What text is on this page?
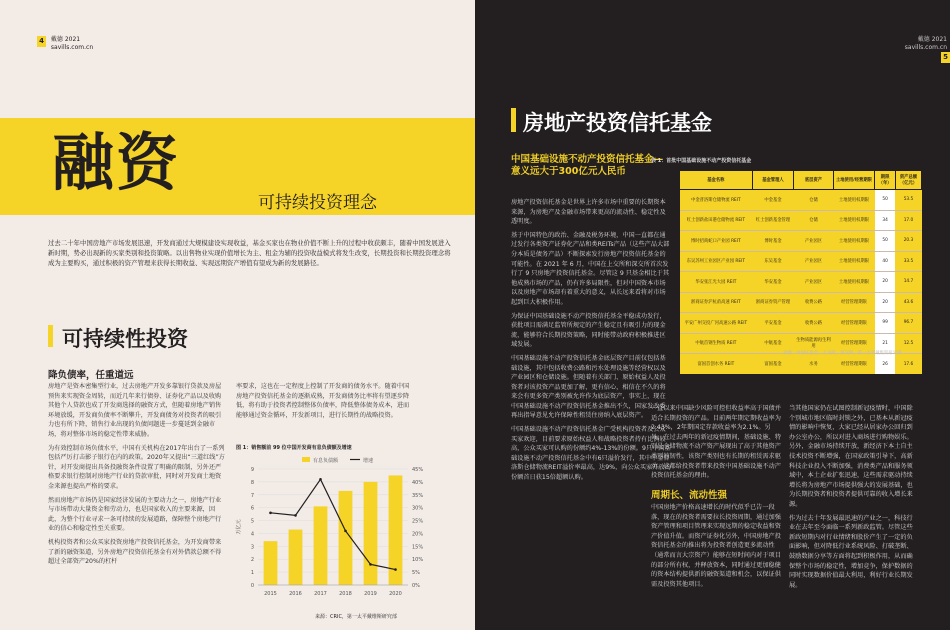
4 戴德 2021
savills.com.cn
融资
可持续投资理念
过去二十年中国房地产市场发展迅速，开发商通过大规模建设实现收益，基金买家也在物业价值不断上升的过程中收获颇丰，随着中国发展进入新时期，势必出现新的买家类别和投资策略。以出售物业实现价值增长为主、租金为辅的投资收益模式将发生改变，长期投资和长期投资理念将成为主要购买，通过积极的资产管理来获得长期收益、实现远期资产增值有望成为新的发展路径。
可持续性投资
降负债率，任重道远

房地产是资本密集型行业，过去房地产开发多靠银行贷款及房屋预售来实现资金周转，而近几年来行债券、证券化产品以及收购其他个人贷款也成了开发商选择的融资方式，但随着房地产销售环境放缓，开发商负债率不断攀升，开发商债务对投资者的吸引力也有所下降，销售行业出现的负债问题进一步蔓延到金融市场，将对整体市场的稳定性带来威胁。

为有效控制市场负债水平，中国有关机构在2017年出台了一系列包括严厉打击影子银行在内的政策。2020年又提出“三道红线”方针，对开发商提出具备投融资条件设置了明确的限制，另外还严格要求银行控制对房地产行业的贷款审批，同时对开发商土地资金来源也提出严格的要求。

然而房地产市场仍是国家经济发展的主要动力之一，房地产行业与市场带动大量资金和劳动力，也是国家收入的主要来源，因此，为整个行业寻求一条可持续的发展道路，保障整个房地产行业的信心和稳定性至关重要。

机构投资者和公众买家投资房地产投资信托基金，为开发商带来了新的融资渠道，另外房地产投资信托基金有对外借款总额不得超过全部资产20%的杠杆

率要求，这也在一定程度上控制了开发商的债务水平。随着中国房地产投资信托基金的逐渐成熟，开发商债务比率将有望逐步降低，将有助于投资者控制整体负债率，降低整体债务成本，进而能够通过资金循环，开发新项目，进行长期性的战略投资。

图 1：销售额前 99 位中国开发商有息负债额及增速
0
1
2
3
4
5
6
7
8
9
0%
5%
10%
15%
20%
25%
30%
35%
40%
45%
万亿元
2015 2016 2017 2018 2019 2020
有息负债额	增速
来源：CRIC，第一太平戴维斯研究部
戴德 2021
savills.com.cn 5
房地产投资信托基金
中国基础设施不动产投资信托基金—意义远大于300亿元人民币

房地产投资信托基金是世界上许多市场中重要的长期资本来源，为房地产及金融市场带来更高的流动性、稳定性及透明度。

基于中国特色的政治、金融及税务环境，中国一直都在通过发行各类资产证券化产品和类REITs产品（这些产品大部分本质是债务产品）不断探索发行房地产投资信托基金的可能性。在 2021 年 6 月，中国在上交所和深交所首次发行了 9 只房地产投资信托基金。尽管这 9 只基金相比于其他成熟市场的产品，仍有许多局限性，但对中国资本市场以及房地产市场却有着重大的意义，从长远来看将对市场起到巨大积极作用。

为保证中国基础设施不动产投资信托基金平稳成功发行，获批项目需满足监管所规定的产生稳定且有吸引力的现金流，能够符合长期投资策略，同时能带动政府积极推进区域发展。

中国基础设施不动产投资信托基金底层资产目前仅包括基础设施，其中包括收费公路和污水处理设施等经营权以及产业园区和仓储设施。但随着有关部门、原始权益人及投资者对该投资产品更加了解，更有信心，相信在不久的将来会有更多资产类别被允许作为底层资产，事实上，现在中国基础设施不动产投资信托基金推出不久，国家发改委再出指导意见允许保障性租赁住房纳入底层资产。

中国基础设施不动产投资信托基金广受机构投资者及公众买家欢迎，目前要求原始权益人和战略投资者持有比例较高，公众买家可认购的份额约4%-13%的份额。9只中国基础设施不动产投资信托基金中有6只溢价发行，其中中金普洛斯仓储物流REIT溢价率最高，达9%，向公众买家开放的份额首日获15倍超额认购。

表 1：首批中国基础设施不动产投资信托基金
基金名称	基金管理人	底层资产	土地使用/经营期限	期限（年）	资产总额（亿元）
中金普洛斯仓储物流 REIT	中金基金	仓储	土地使用权期限	50	53.5
红土创新盐田港仓储物流 REIT	红土创新基金管理	仓储	土地使用权期限	34	17.0
博时招商蛇口产业园 REIT	博时基金	产业园区	土地使用权期限	50	20.3
东吴苏州工业园区产业园 REIT	东吴基金	产业园区	土地使用权期限	40	33.5
华安张江光大园 REIT	华安基金	产业园区	土地使用权期限	20	14.7
浙商证券沪杭甬高速 REIT	浙商证券资产管理	收费公路	经营管理期限	20	43.6
平安广州交投广河高速公路 REIT	平安基金	收费公路	经营管理期限	99	96.7
中航首钢生物质 REIT	中航基金	生物质能源再生利用	经营管理期限	21	12.5
富国首创水务 REIT	富国基金	水务	经营管理期限	26	17.6
来源：中国证监会，上交所，深交所，第一太平戴维斯研究部

一直以来中国缺少风险可控但收益率高于国债并适合长期投资的产品。目前两年期定期收益率为2.43%，2年期国定存款收益率为2.1%。另外，在过去两年的新冠疫情期间，基础设施、特别是仓储物流不动产资产展现出了高于其他资产类别的韧性，该资产类别也有长期的租赁需求驱动。这都给投资者带来投资中国基础设施不动产投资信托基金的理由。

周期长、流动性强

中国房地产价格高速增长的时代似乎已告一段落，现在的投资者需要拉长投资周期，通过加强资产管理和项目管理来实现远期的稳定收益和资产价值升值。而资产证券化另外，中国房地产投资信托基金的推出将为投资者创造更多流动性（通常而言大宗资产）能够在短时间内对于项目的部分所有权，并释放资本，同时通过更加稳健的资本结构提供新的融资渠道和机会，以保证供需及投资其他项目。

当其他国家仍在试图控制新冠疫情时，中国除个别城市地区临时封锁之外，已基本从新冠疫情的影响中恢复，大家已经从居家办公回归到办公室办公，所以对进入商场进行购物娱乐。另外，金融市场持续开放，新经济下本土自主技术投资不断增强，在国家政策引导下，高新科技企业投入不断加强，消费类产品和服务领域中，本土企业扩张迅速，这些需求驱动持续增长将为房地产市场提供强大的发展基础，也为长期投资者和投资者提供可靠的收入增长来源。

作为过去十年发展最迅速的产业之一，科技行业在去年至今面临一系列新政监管。尽管这些新政短期内对行业情绪和股价产生了一定的负面影响，但对降低行业系统风险、打破垄断、鼓励数据分享等方面将起到积极作用，从而确保整个市场的稳定性，增加竞争，保护数据的同时实现数据价值最大利用，利好行业长期发展。
